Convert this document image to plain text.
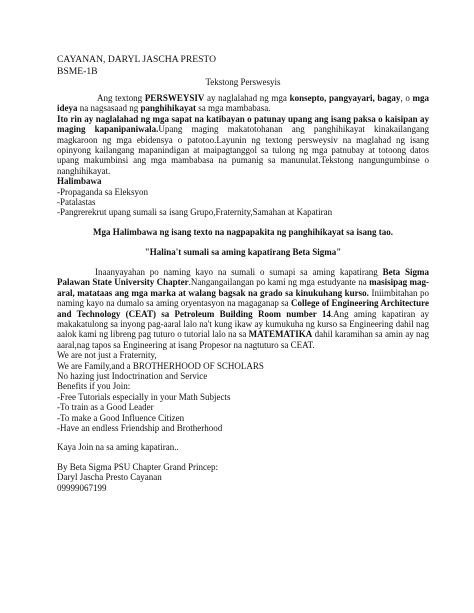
CAYANAN, DARYL JASCHA PRESTO

BSME-1B

Tekstong Perswesyis

Ang textong PERSWEYSIV ay naglalahad ng mga konsepto, pangyayari, bagay, o mga ideya na nagsasaad ng panghihikayat sa mga mambabasa.

Ito rin ay naglalahad ng mga sapat na katibayan o patunay upang ang isang paksa o kaisipan ay maging kapanipaniwala.Upang maging makatotohanan ang panghihikayat kinakailangang magkaroon ng mga ebidensya o patotoo.Layunin ng textong persweysiv na maglahad ng isang opinyong kailangang mapanindigan at maipagtanggol sa tulong ng mga patnubay at totoong datos upang makumbinsi ang mga mambabasa na pumanig sa manunulat.Tekstong nangungumbinse o nanghihikayat.

Halimbawa

-Propaganda sa Eleksyon

-Patalastas

-Pangrerekrut upang sumali sa isang Grupo,Fraternity,Samahan at Kapatiran

Mga Halimbawa ng isang texto na nagpapakita ng panghihikayat sa isang tao.

"Halina't sumali sa aming kapatirang Beta Sigma"

Inaanyayahan po naming kayo na sumali o sumapi sa aming kapatirang Beta Sigma Palawan State University Chapter.Nangangailangan po kami ng mga estudyante na masisipag mag-aral, matataas ang mga marka at walang bagsak na grado sa kinukuhang kurso. Iniimbitahan po naming kayo na dumalo sa aming oryentasyon na magaganap sa College of Engineering Architecture and Technology (CEAT) sa Petroleum Building Room number 14.Ang aming kapatiran ay makakatulong sa inyong pag-aaral lalo na't kung ikaw ay kumukuha ng kurso sa Engineering dahil nag aalok kami ng libreng pag tuturo o tutorial lalo na sa MATEMATIKA dahil karamihan sa amin ay nag aaral,nag tapos sa Engineering at isang Propesor na nagtuturo sa CEAT.

We are not just a Fraternity,

We are Family,and a BROTHERHOOD OF SCHOLARS

No hazing just Indoctrination and Service

Benefits if you Join:

-Free Tutorials especially in your Math Subjects

-To train as a Good Leader

-To make a Good Influence Citizen

-Have an endless Friendship and Brotherhood

Kaya Join na sa aming kapatiran..

By Beta Sigma PSU Chapter Grand Princep:

Daryl Jascha Presto Cayanan

09999067199
